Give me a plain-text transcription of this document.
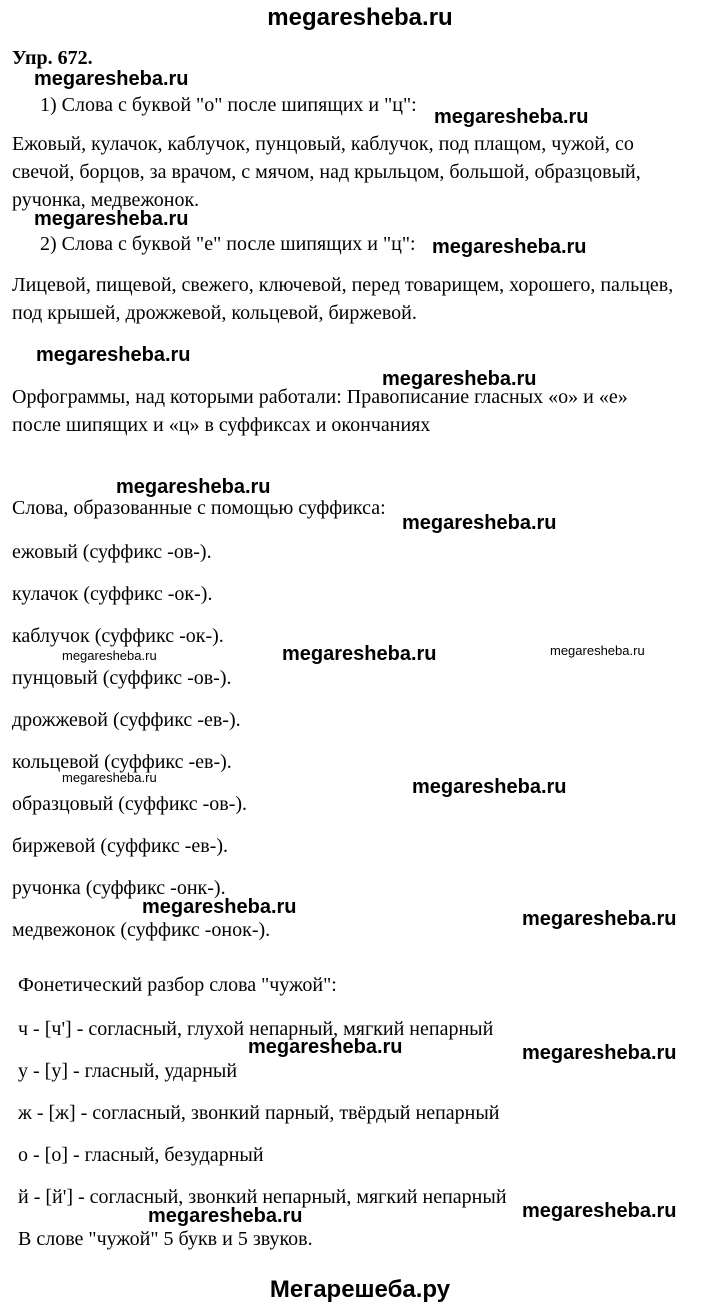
megaresheba.ru
Упр. 672.
1) Слова с буквой "о" после шипящих и "ц":
Ежовый, кулачок, каблучок, пунцовый, каблучок, под плащом, чужой, со
свечой, борцов, за врачом, с мячом, над крыльцом, большой, образцовый,
ручонка, медвежонок.
2) Слова с буквой "е" после шипящих и "ц":
Лицевой, пищевой, свежего, ключевой, перед товарищем, хорошего, пальцев,
под крышей, дрожжевой, кольцевой, биржевой.
Орфограммы, над которыми работали: Правописание гласных «о» и «е»
после шипящих и «ц» в суффиксах и окончаниях
Слова, образованные с помощью суффикса:
ежовый (суффикс -ов-).
кулачок (суффикс -ок-).
каблучок (суффикс -ок-).
пунцовый (суффикс -ов-).
дрожжевой (суффикс -ев-).
кольцевой (суффикс -ев-).
образцовый (суффикс -ов-).
биржевой (суффикс -ев-).
ручонка (суффикс -онк-).
медвежонок (суффикс -онок-).
Фонетический разбор слова "чужой":
ч - [ч'] - согласный, глухой непарный, мягкий непарный
у - [у] - гласный, ударный
ж - [ж] - согласный, звонкий парный, твёрдый непарный
о - [о] - гласный, безударный
й - [й'] - согласный, звонкий непарный, мягкий непарный
В слове "чужой" 5 букв и 5 звуков.
Мегарешеба.ру
megaresheba.ru
megaresheba.ru
megaresheba.ru
megaresheba.ru
megaresheba.ru
megaresheba.ru
megaresheba.ru
megaresheba.ru
megaresheba.ru	megaresheba.ru	megaresheba.ru
megaresheba.ru	megaresheba.ru
megaresheba.ru
megaresheba.ru
megaresheba.ru	megaresheba.ru
megaresheba.ru	megaresheba.ru
